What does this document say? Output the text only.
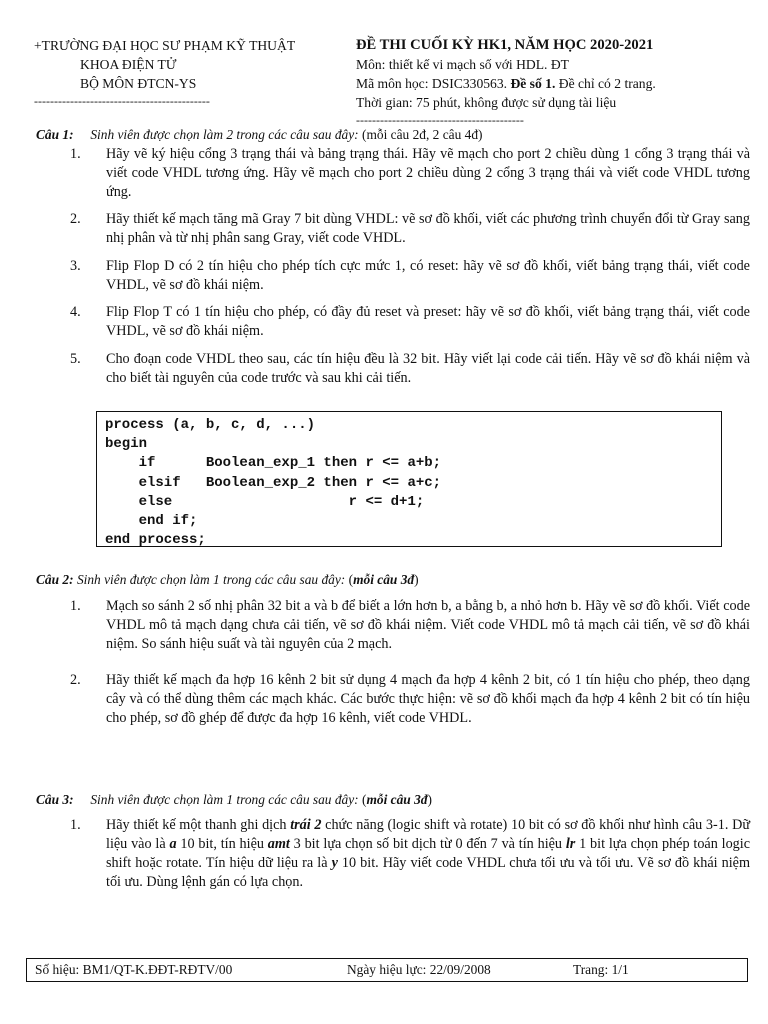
+TRƯỜNG ĐẠI HỌC SƯ PHẠM KỸ THUẬT
KHOA ĐIỆN TỬ
BỘ MÔN ĐTCN-YS
--------------------------------------------
ĐỀ THI CUỐI KỲ HK1, NĂM HỌC 2020-2021
Môn: thiết kế vi mạch số với HDL. ĐT
Mã môn học: DSIC330563. Đề số 1. Đề chỉ có 2 trang.
Thời gian: 75 phút, không được sử dụng tài liệu
------------------------------------------
Câu 1: Sinh viên được chọn làm 2 trong các câu sau đây: (mỗi câu 2đ, 2 câu 4đ)
1.	Hãy vẽ ký hiệu cổng 3 trạng thái và bảng trạng thái. Hãy vẽ mạch cho port 2 chiều dùng 1 cổng 3 trạng thái và viết code VHDL tương ứng. Hãy vẽ mạch cho port 2 chiều dùng 2 cổng 3 trạng thái và viết code VHDL tương ứng.
2.	Hãy thiết kế mạch tăng mã Gray 7 bit dùng VHDL: vẽ sơ đồ khối, viết các phương trình chuyển đổi từ Gray sang nhị phân và từ nhị phân sang Gray, viết code VHDL.
3.	Flip Flop D có 2 tín hiệu cho phép tích cực mức 1, có reset: hãy vẽ sơ đồ khối, viết bảng trạng thái, viết code VHDL, vẽ sơ đồ khái niệm.
4.	Flip Flop T có 1 tín hiệu cho phép, có đầy đủ reset và preset: hãy vẽ sơ đồ khối, viết bảng trạng thái, viết code VHDL, vẽ sơ đồ khái niệm.
5.	Cho đoạn code VHDL theo sau, các tín hiệu đều là 32 bit. Hãy viết lại code cải tiến. Hãy vẽ sơ đồ khái niệm và cho biết tài nguyên của code trước và sau khi cải tiến.
process (a, b, c, d, ...)
begin
if      Boolean_exp_1 then r <= a+b;
elsif   Boolean_exp_2 then r <= a+c;
else                     r <= d+1;
end if;
end process;
Câu 2: Sinh viên được chọn làm 1 trong các câu sau đây: (mỗi câu 3đ)
1.	Mạch so sánh 2 số nhị phân 32 bit a và b để biết a lớn hơn b, a bằng b, a nhỏ hơn b. Hãy vẽ sơ đồ khối. Viết code VHDL mô tả mạch dạng chưa cải tiến, vẽ sơ đồ khái niệm. Viết code VHDL mô tả mạch cải tiến, vẽ sơ đồ khái niệm. So sánh hiệu suất và tài nguyên của 2 mạch.
2.	Hãy thiết kế mạch đa hợp 16 kênh 2 bit sử dụng 4 mạch đa hợp 4 kênh 2 bit, có 1 tín hiệu cho phép, theo dạng cây và có thể dùng thêm các mạch khác. Các bước thực hiện: vẽ sơ đồ khối mạch đa hợp 4 kênh 2 bit có tín hiệu cho phép, sơ đồ ghép để được đa hợp 16 kênh, viết code VHDL.
Câu 3: Sinh viên được chọn làm 1 trong các câu sau đây: (mỗi câu 3đ)
1.	Hãy thiết kế một thanh ghi dịch trái 2 chức năng (logic shift và rotate) 10 bit có sơ đồ khối như hình câu 3-1. Dữ liệu vào là a 10 bit, tín hiệu amt 3 bit lựa chọn số bit dịch từ 0 đến 7 và tín hiệu lr 1 bit lựa chọn phép toán logic shift hoặc rotate. Tín hiệu dữ liệu ra là y 10 bit. Hãy viết code VHDL chưa tối ưu và tối ưu. Vẽ sơ đồ khái niệm tối ưu. Dùng lệnh gán có lựa chọn.
Số hiệu: BM1/QT-K.ĐĐT-RĐTV/00	Ngày hiệu lực: 22/09/2008	Trang: 1/1
